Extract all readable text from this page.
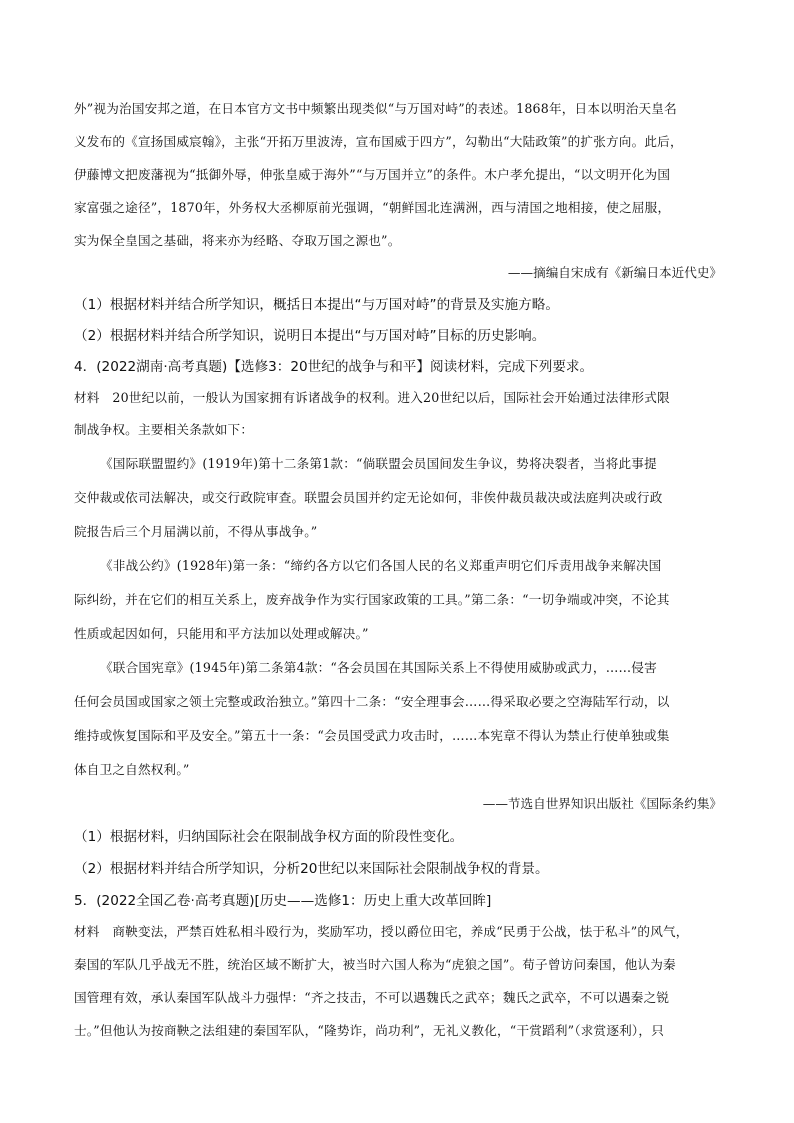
外”视为治国安邦之道，在日本官方文书中频繁出现类似“与万国对峙”的表述。1868年，日本以明治天皇名
义发布的《宣扬国威宸翰》，主张“开拓万里波涛，宣布国威于四方”，勾勒出“大陆政策”的扩张方向。此后，
伊藤博文把废藩视为“抵御外辱，伸张皇威于海外”“与万国并立”的条件。木户孝允提出，“以文明开化为国
家富强之途径”，1870年，外务权大丞柳原前光强调，“朝鲜国北连满洲，西与清国之地相接，使之屈服，
实为保全皇国之基础，将来亦为经略、夺取万国之源也”。
——摘编自宋成有《新编日本近代史》
（1）根据材料并结合所学知识，概括日本提出“与万国对峙”的背景及实施方略。
（2）根据材料并结合所学知识，说明日本提出“与万国对峙”目标的历史影响。
4．(2022湖南·高考真题)【选修3：20世纪的战争与和平】阅读材料，完成下列要求。
材料　20世纪以前，一般认为国家拥有诉诸战争的权利。进入20世纪以后，国际社会开始通过法律形式限
制战争权。主要相关条款如下：
《国际联盟盟约》(1919年)第十二条第1款：“倘联盟会员国间发生争议，势将决裂者，当将此事提
交仲裁或依司法解决，或交行政院审查。联盟会员国并约定无论如何，非俟仲裁员裁决或法庭判决或行政
院报告后三个月届满以前，不得从事战争。”
《非战公约》(1928年)第一条：“缔约各方以它们各国人民的名义郑重声明它们斥责用战争来解决国
际纠纷，并在它们的相互关系上，废弃战争作为实行国家政策的工具。”第二条：“一切争端或冲突，不论其
性质或起因如何，只能用和平方法加以处理或解决。”
《联合国宪章》(1945年)第二条第4款：“各会员国在其国际关系上不得使用威胁或武力，……侵害
任何会员国或国家之领土完整或政治独立。”第四十二条：“安全理事会……得采取必要之空海陆军行动，以
维持或恢复国际和平及安全。”第五十一条：“会员国受武力攻击时，……本宪章不得认为禁止行使单独或集
体自卫之自然权利。”
——节选自世界知识出版社《国际条约集》
（1）根据材料，归纳国际社会在限制战争权方面的阶段性变化。
（2）根据材料并结合所学知识，分析20世纪以来国际社会限制战争权的背景。
5．(2022全国乙卷·高考真题)[历史——选修1：历史上重大改革回眸]
材料　商鞅变法，严禁百姓私相斗殴行为，奖励军功，授以爵位田宅，养成“民勇于公战，怯于私斗”的风气，
秦国的军队几乎战无不胜，统治区域不断扩大，被当时六国人称为“虎狼之国”。荀子曾访问秦国，他认为秦
国管理有效，承认秦国军队战斗力强悍：“齐之技击，不可以遇魏氏之武卒；魏氏之武卒，不可以遇秦之锐
士。”但他认为按商鞅之法组建的秦国军队，“隆势诈，尚功利”，无礼义教化，“干赏蹈利”（求赏逐利），只
